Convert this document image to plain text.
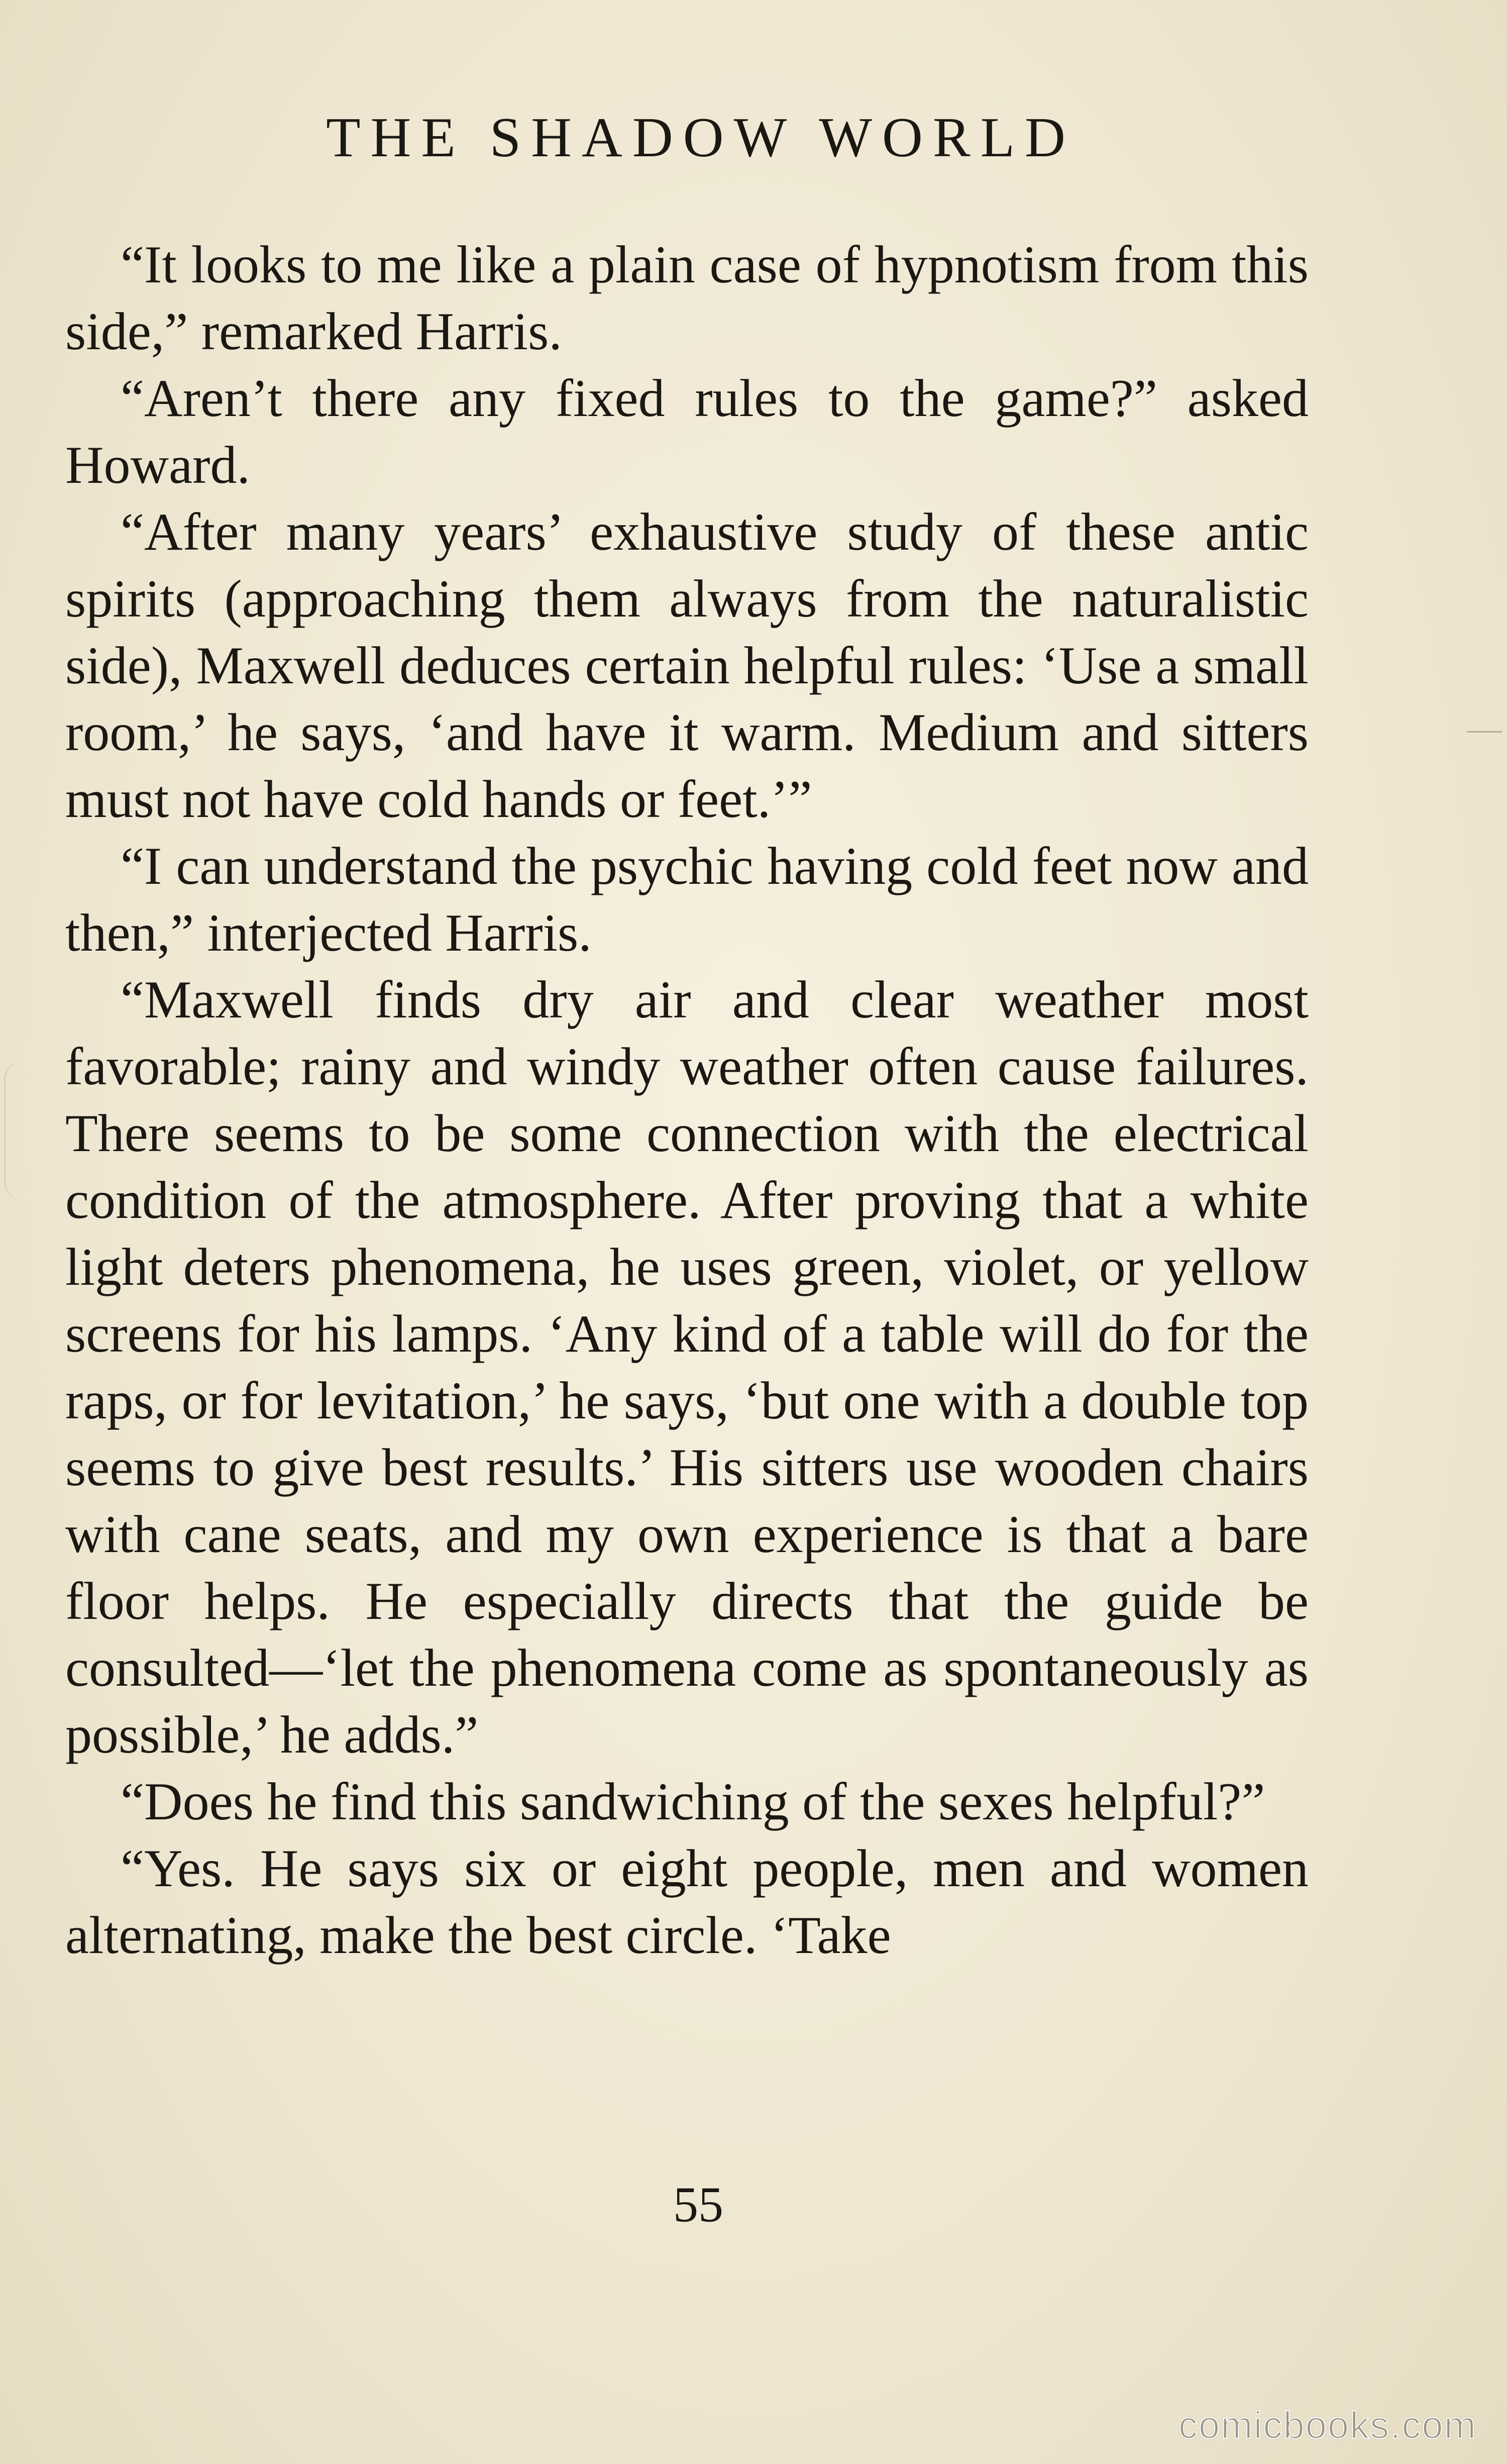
THE SHADOW WORLD

“It looks to me like a plain case of hypnotism from this side,” remarked Harris.

“Aren’t there any fixed rules to the game?” asked Howard.

“After many years’ exhaustive study of these antic spirits (approaching them always from the naturalistic side), Maxwell deduces certain helpful rules: ‘Use a small room,’ he says, ‘and have it warm. Medium and sitters must not have cold hands or feet.’”

“I can understand the psychic having cold feet now and then,” interjected Harris.

“Maxwell finds dry air and clear weather most favorable; rainy and windy weather often cause failures. There seems to be some connection with the electrical condition of the atmosphere. After proving that a white light deters phenomena, he uses green, violet, or yellow screens for his lamps. ‘Any kind of a table will do for the raps, or for levitation,’ he says, ‘but one with a double top seems to give best results.’ His sitters use wooden chairs with cane seats, and my own experience is that a bare floor helps. He especially directs that the guide be consulted—‘let the phenomena come as spontaneously as possible,’ he adds.”

“Does he find this sandwiching of the sexes helpful?”

“Yes. He says six or eight people, men and women alternating, make the best circle. ‘Take

55
comicbooks.com
